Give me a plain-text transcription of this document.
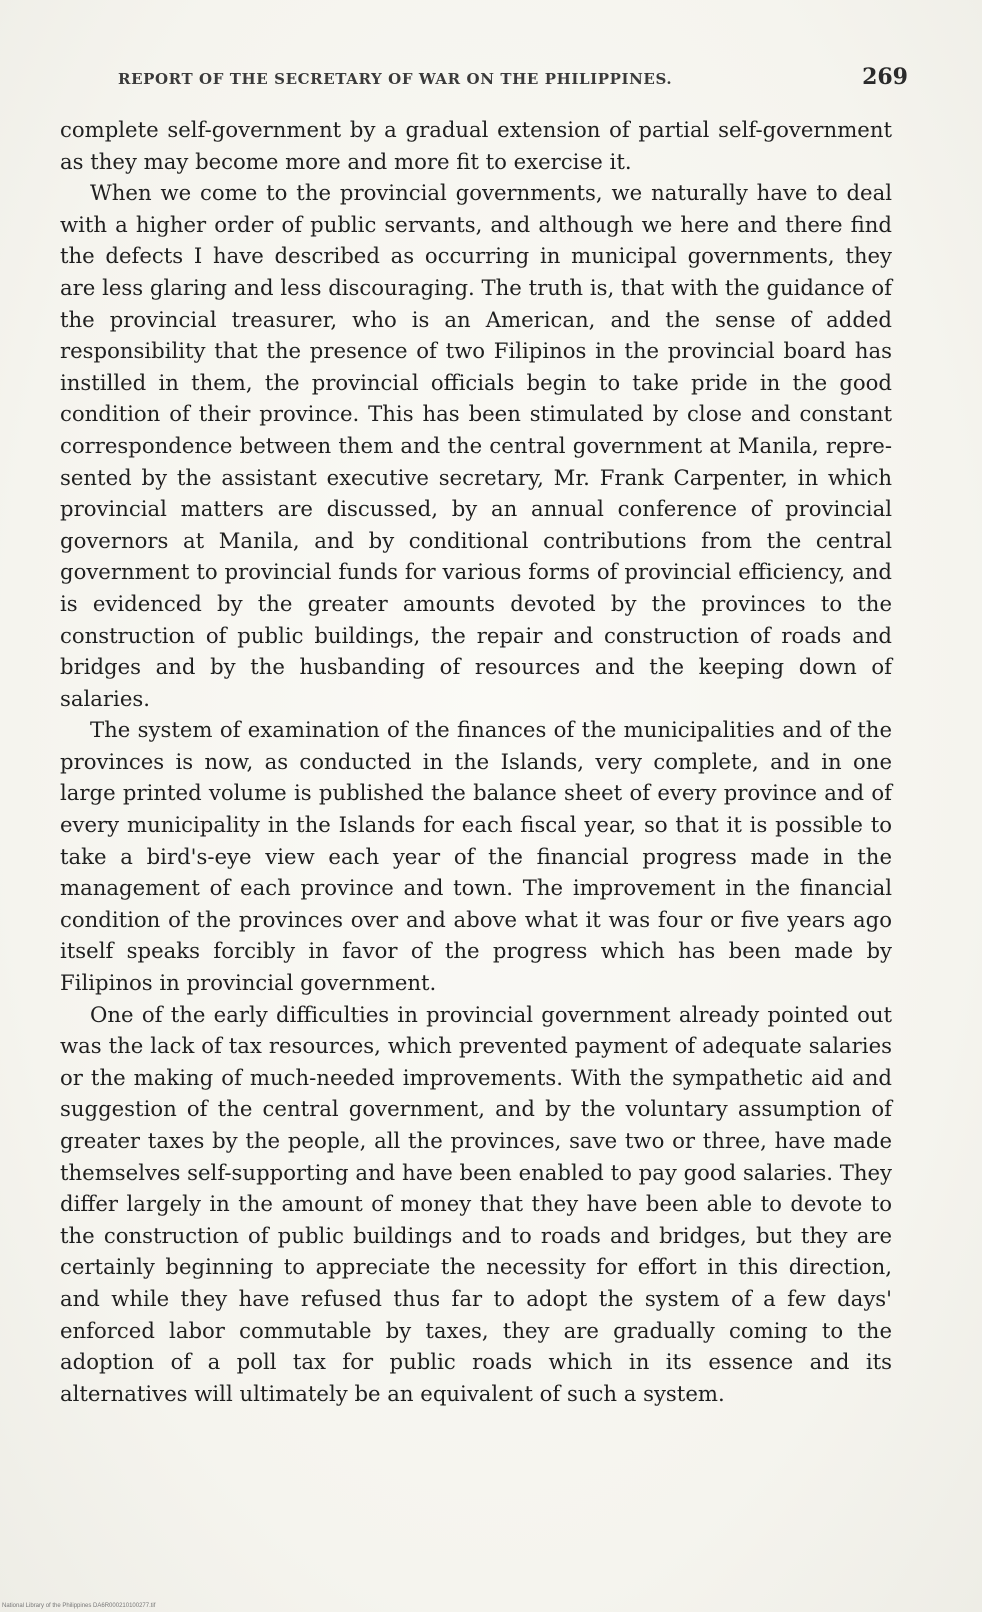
REPORT OF THE SECRETARY OF WAR ON THE PHILIPPINES.	269

complete self-government by a gradual extension of partial self-government as they may become more and more fit to exercise it.

When we come to the provincial governments, we naturally have to deal with a higher order of public servants, and although we here and there find the defects I have described as occurring in municipal governments, they are less glaring and less discouraging. The truth is, that with the guidance of the provincial treasurer, who is an American, and the sense of added responsibility that the presence of two Filipinos in the provincial board has instilled in them, the provincial officials begin to take pride in the good condition of their province. This has been stimulated by close and constant correspondence between them and the central government at Manila, represented by the assistant executive secretary, Mr. Frank Carpenter, in which provincial matters are discussed, by an annual conference of provincial governors at Manila, and by conditional contributions from the central government to provincial funds for various forms of provincial efficiency, and is evidenced by the greater amounts devoted by the provinces to the construction of public buildings, the repair and construction of roads and bridges and by the husbanding of resources and the keeping down of salaries.

The system of examination of the finances of the municipalities and of the provinces is now, as conducted in the Islands, very complete, and in one large printed volume is published the balance sheet of every province and of every municipality in the Islands for each fiscal year, so that it is possible to take a bird's-eye view each year of the financial progress made in the management of each province and town. The improvement in the financial condition of the provinces over and above what it was four or five years ago itself speaks forcibly in favor of the progress which has been made by Filipinos in provincial government.

One of the early difficulties in provincial government already pointed out was the lack of tax resources, which prevented payment of adequate salaries or the making of much-needed improvements. With the sympathetic aid and suggestion of the central government, and by the voluntary assumption of greater taxes by the people, all the provinces, save two or three, have made themselves self-supporting and have been enabled to pay good salaries. They differ largely in the amount of money that they have been able to devote to the construction of public buildings and to roads and bridges, but they are certainly beginning to appreciate the necessity for effort in this direction, and while they have refused thus far to adopt the system of a few days' enforced labor commutable by taxes, they are gradually coming to the adoption of a poll tax for public roads which in its essence and its alternatives will ultimately be an equivalent of such a system.

National Library of the Philippines DA6R000210100277.tif
